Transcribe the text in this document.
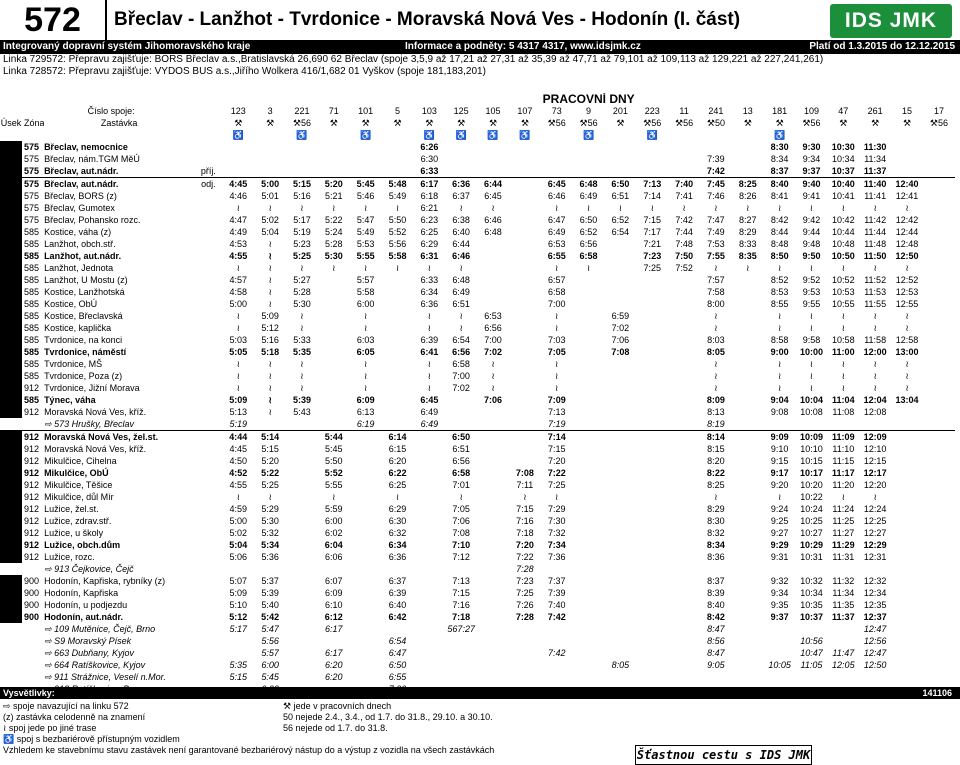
572	Břeclav - Lanžhot - Tvrdonice - Moravská Nová Ves - Hodonín (I. část)	IDS JMK
Integrovaný dopravní systém Jihomoravského kraje	Informace a podněty: 5 4317 4317, www.idsjmk.cz	Platí od 1.3.2015 do 12.12.2015
Linka 729572: Přepravu zajišťuje: BORS Břeclav a.s.,Bratislavská 26,690 62 Břeclav (spoje 3,5,9 až 17,21 až 27,31 až 35,39 až 47,71 až 79,101 až 109,113 až 129,221 až 227,241,261)
Linka 728572: Přepravu zajišťuje: VYDOS BUS a.s.,Jiřího Wolkera 416/1,682 01 Vyškov (spoje 181,183,201)
				PRACOVNÍ DNY																						
Číslo spoje:				123	3	221	71	101	5	103	125	105	107	73	9	201	223	11	241	13	181	109	47	261	15	17
Úsek	Zóna	Zastávka		⚒	⚒	⚒56	⚒	⚒	⚒	⚒	⚒	⚒	⚒	⚒56	⚒56	⚒	⚒56	⚒56	⚒50	⚒	⚒	⚒56	⚒	⚒	⚒	⚒56
				♿		♿		♿		♿	♿	♿	♿		♿		♿				♿					
	575	Břeclav, nemocnice								6:26											8:30	9:30	10:30	11:30		
	575	Břeclav, nám.TGM MěÚ								6:30									7:39		8:34	9:34	10:34	11:34		
	575	Břeclav, aut.nádr.	příj.							6:33									7:42		8:37	9:37	10:37	11:37		
	575	Břeclav, aut.nádr.	odj.	4:45	5:00	5:15	5:20	5:45	5:48	6:17	6:36	6:44		6:45	6:48	6:50	7:13	7:40	7:45	8:25	8:40	9:40	10:40	11:40	12:40	
	575	Břeclav, BORS (z)		4:46	5:01	5:16	5:21	5:46	5:49	6:18	6:37	6:45		6:46	6:49	6:51	7:14	7:41	7:46	8:26	8:41	9:41	10:41	11:41	12:41	
	575	Břeclav, Gumotex		≀	≀	≀	≀	≀	≀	6:21	≀	≀		≀	≀	≀	≀	≀	≀	≀	≀	≀	≀	≀	≀	
	575	Břeclav, Pohansko rozc.		4:47	5:02	5:17	5:22	5:47	5:50	6:23	6:38	6:46		6:47	6:50	6:52	7:15	7:42	7:47	8:27	8:42	9:42	10:42	11:42	12:42	
	585	Kostice, váha (z)		4:49	5:04	5:19	5:24	5:49	5:52	6:25	6:40	6:48		6:49	6:52	6:54	7:17	7:44	7:49	8:29	8:44	9:44	10:44	11:44	12:44	
	585	Lanžhot, obch.stř.		4:53	≀	5:23	5:28	5:53	5:56	6:29	6:44			6:53	6:56		7:21	7:48	7:53	8:33	8:48	9:48	10:48	11:48	12:48	
	585	Lanžhot, aut.nádr.		4:55	≀	5:25	5:30	5:55	5:58	6:31	6:46			6:55	6:58		7:23	7:50	7:55	8:35	8:50	9:50	10:50	11:50	12:50	
	585	Lanžhot, Jednota		≀	≀	≀	≀	≀	≀	≀	≀			≀	≀		7:25	7:52	≀	≀	≀	≀	≀	≀	≀	
	585	Lanžhot, U Mostu (z)		4:57	≀	5:27		5:57		6:33	6:48			6:57					7:57		8:52	9:52	10:52	11:52	12:52	
	585	Kostice, Lanžhotská		4:58	≀	5:28		5:58		6:34	6:49			6:58					7:58		8:53	9:53	10:53	11:53	12:53	
	585	Kostice, ObÚ		5:00	≀	5:30		6:00		6:36	6:51			7:00					8:00		8:55	9:55	10:55	11:55	12:55	
	585	Kostice, Břeclavská		≀	5:09	≀		≀		≀	≀	6:53		≀		6:59			≀		≀	≀	≀	≀	≀	
	585	Kostice, kaplička		≀	5:12	≀		≀		≀	≀	6:56		≀		7:02			≀		≀	≀	≀	≀	≀	
	585	Tvrdonice, na konci		5:03	5:16	5:33		6:03		6:39	6:54	7:00		7:03		7:06			8:03		8:58	9:58	10:58	11:58	12:58	
	585	Tvrdonice, náměstí		5:05	5:18	5:35		6:05		6:41	6:56	7:02		7:05		7:08			8:05		9:00	10:00	11:00	12:00	13:00	
	585	Tvrdonice, MŠ		≀	≀	≀		≀		≀	6:58	≀		≀					≀		≀	≀	≀	≀	≀	
	585	Tvrdonice, Poza (z)		≀	≀	≀		≀		≀	7:00	≀		≀					≀		≀	≀	≀	≀	≀	
	912	Tvrdonice, Jižní Morava		≀	≀	≀		≀		≀	7:02	≀		≀					≀		≀	≀	≀	≀	≀	
	585	Týnec, váha		5:09	≀	5:39		6:09		6:45		7:06		7:09					8:09		9:04	10:04	11:04	12:04	13:04	
	912	Moravská Nová Ves, kříž.		5:13	≀	5:43		6:13		6:49				7:13					8:13		9:08	10:08	11:08	12:08		
		⇨ 573 Hrušky, Břeclav		5:19				6:19		6:49				7:19					8:19							
	912	Moravská Nová Ves, žel.st.		4:44	5:14		5:44		6:14		6:50			7:14					8:14		9:09	10:09	11:09	12:09		
	912	Moravská Nová Ves, kříž.		4:45	5:15		5:45		6:15		6:51			7:15					8:15		9:10	10:10	11:10	12:10		
	912	Mikulčice, Cihelna		4:50	5:20		5:50		6:20		6:56			7:20					8:20		9:15	10:15	11:15	12:15		
	912	Mikulčice, ObÚ		4:52	5:22		5:52		6:22		6:58		7:08	7:22					8:22		9:17	10:17	11:17	12:17		
	912	Mikulčice, Těšice		4:55	5:25		5:55		6:25		7:01		7:11	7:25					8:25		9:20	10:20	11:20	12:20		
	912	Mikulčice, důl Mír		≀	≀		≀		≀		≀		≀	≀					≀		≀	10:22	≀	≀		
	912	Lužice, žel.st.		4:59	5:29		5:59		6:29		7:05		7:15	7:29					8:29		9:24	10:24	11:24	12:24		
	912	Lužice, zdrav.stř.		5:00	5:30		6:00		6:30		7:06		7:16	7:30					8:30		9:25	10:25	11:25	12:25		
	912	Lužice, u školy		5:02	5:32		6:02		6:32		7:08		7:18	7:32					8:32		9:27	10:27	11:27	12:27		
	912	Lužice, obch.dům		5:04	5:34		6:04		6:34		7:10		7:20	7:34					8:34		9:29	10:29	11:29	12:29		
	912	Lužice, rozc.		5:06	5:36		6:06		6:36		7:12		7:22	7:36					8:36		9:31	10:31	11:31	12:31		
		⇨ 913 Čejkovice, Čejč											7:28													
	900	Hodonín, Kapřiska, rybníky (z)		5:07	5:37		6:07		6:37		7:13		7:23	7:37					8:37		9:32	10:32	11:32	12:32		
	900	Hodonín, Kapřiska		5:09	5:39		6:09		6:39		7:15		7:25	7:39					8:39		9:34	10:34	11:34	12:34		
	900	Hodonín, u podjezdu		5:10	5:40		6:10		6:40		7:16		7:26	7:40					8:40		9:35	10:35	11:35	12:35		
	900	Hodonín, aut.nádr.		5:12	5:42		6:12		6:42		7:18		7:28	7:42					8:42		9:37	10:37	11:37	12:37		
		⇨ 109 Mutěnice, Čejč, Brno		5:17	5:47		6:17				567:27								8:47					12:47		
		⇨ S9 Moravský Písek			5:56				6:54										8:56			10:56		12:56		
		⇨ 663 Dubňany, Kyjov			5:57		6:17		6:47					7:42					8:47			10:47	11:47	12:47		
		⇨ 664 Ratíškovice, Kyjov		5:35	6:00		6:20		6:50							8:05			9:05		10:05	11:05	12:05	12:50		
		⇨ 911 Strážnice, Veselí n.Mor.		5:15	5:45		6:20		6:55																	

Vysvětlivky:	141106
⇨ spoje navazující na linku 572
(z) zastávka celodenně na znamení
≀ spoj jede po jiné trase
♿ spoj s bezbariérově přístupným vozidlem
Vzhledem ke stavebnímu stavu zastávek není garantované bezbariérový nástup do a výstup z vozidla na všech zastávkách
⚒ jede v pracovních dnech
50 nejede 2.4., 3.4., od 1.7. do 31.8., 29.10. a 30.10.
56 nejede od 1.7. do 31.8.
Šťastnou cestu s IDS JMK
